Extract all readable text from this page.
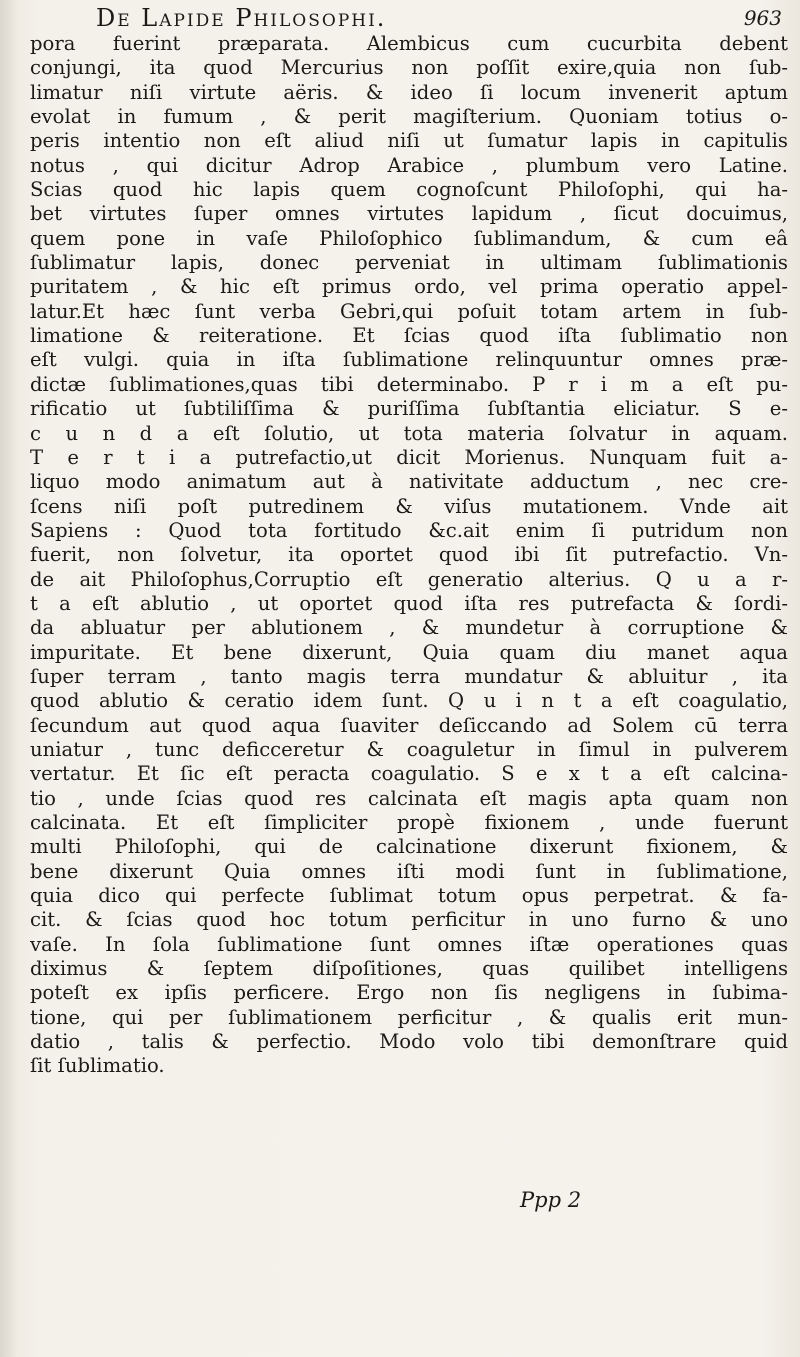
De Lapide Philosophi.	963
pora fuerint præparata. Alembicus cum cucurbita debent
conjungi, ita quod Mercurius non poſſit exire,quia non ſub-
limatur niſi virtute aëris. & ideo ſi locum invenerit aptum
evolat in fumum , & perit magiſterium. Quoniam totius o-
peris intentio non eſt aliud niſi ut ſumatur lapis in capitulis
notus , qui dicitur Adrop Arabice , plumbum vero Latine.
Scias quod hic lapis quem cognoſcunt Philoſophi, qui ha-
bet virtutes ſuper omnes virtutes lapidum , ſicut docuimus,
quem pone in vaſe Philoſophico ſublimandum, & cum eâ
ſublimatur lapis, donec perveniat in ultimam ſublimationis
puritatem , & hic eſt primus ordo, vel prima operatio appel-
latur.Et hæc ſunt verba Gebri,qui poſuit totam artem in ſub-
limatione & reiteratione. Et ſcias quod iſta ſublimatio non
eſt vulgi. quia in iſta ſublimatione relinquuntur omnes præ-
dictæ ſublimationes,quas tibi determinabo. P r i m a eſt pu-
rificatio ut ſubtiliſſima & puriſſima ſubſtantia eliciatur. S e-
c u n d a eſt ſolutio, ut tota materia ſolvatur in aquam.
T e r t i a putrefactio,ut dicit Morienus. Nunquam fuit a-
liquo modo animatum aut à nativitate adductum , nec cre-
ſcens niſi poſt putredinem & viſus mutationem. Vnde ait
Sapiens : Quod tota fortitudo &c.ait enim ſi putridum non
fuerit, non ſolvetur, ita oportet quod ibi ſit putrefactio. Vn-
de ait Philoſophus,Corruptio eſt generatio alterius. Q u a r-
t a eſt ablutio , ut oportet quod iſta res putrefacta & ſordi-
da abluatur per ablutionem , & mundetur à corruptione &
impuritate. Et bene dixerunt, Quia quam diu manet aqua
ſuper terram , tanto magis terra mundatur & abluitur , ita
quod ablutio & ceratio idem ſunt. Q u i n t a eſt coagulatio,
ſecundum aut quod aqua ſuaviter deſiccando ad Solem cū terra
uniatur , tunc deficceretur & coaguletur in ſimul in pulverem
vertatur. Et ſic eſt peracta coagulatio. S e x t a eſt calcina-
tio , unde ſcias quod res calcinata eſt magis apta quam non
calcinata. Et eſt ſimpliciter propè fixionem , unde fuerunt
multi Philoſophi, qui de calcinatione dixerunt fixionem, &
bene dixerunt Quia omnes iſti modi ſunt in ſublimatione,
quia dico qui perfecte ſublimat totum opus perpetrat. & fa-
cit. & ſcias quod hoc totum perficitur in uno furno & uno
vaſe. In ſola ſublimatione ſunt omnes iſtæ operationes quas
diximus & ſeptem diſpoſitiones, quas quilibet intelligens
poteſt ex ipſis perficere. Ergo non ſis negligens in ſubima-
tione, qui per ſublimationem perficitur , & qualis erit mun-
datio , talis & perfectio. Modo volo tibi demonſtrare quid
ſit ſublimatio.
Ppp 2
